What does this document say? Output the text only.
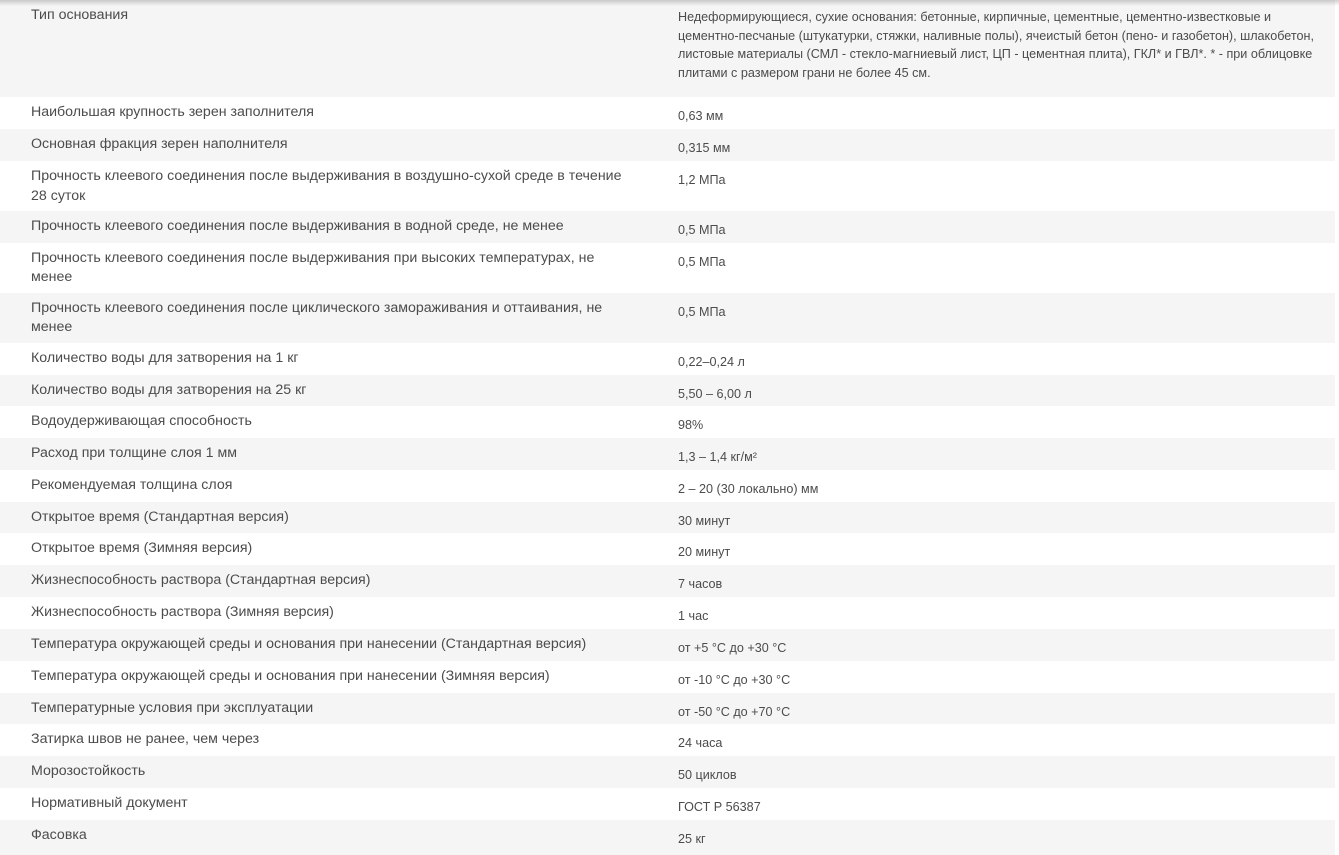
Тип основания	Недеформирующиеся, сухие основания: бетонные, кирпичные, цементные, цементно-известковые и цементно-песчаные (штукатурки, стяжки, наливные полы), ячеистый бетон (пено- и газобетон), шлакобетон, листовые материалы (СМЛ - стекло-магниевый лист, ЦП - цементная плита), ГКЛ* и ГВЛ*. * - при облицовке плитами с размером грани не более 45 см.
Наибольшая крупность зерен заполнителя	0,63 мм
Основная фракция зерен наполнителя	0,315 мм
Прочность клеевого соединения после выдерживания в воздушно-сухой среде в течение 28 суток	1,2 МПа
Прочность клеевого соединения после выдерживания в водной среде, не менее	0,5 МПа
Прочность клеевого соединения после выдерживания при высоких температурах, не менее	0,5 МПа
Прочность клеевого соединения после циклического замораживания и оттаивания, не менее	0,5 МПа
Количество воды для затворения на 1 кг	0,22–0,24 л
Количество воды для затворения на 25 кг	5,50 – 6,00 л
Водоудерживающая способность	98%
Расход при толщине слоя 1 мм	1,3 – 1,4 кг/м²
Рекомендуемая толщина слоя	2 – 20 (30 локально) мм
Открытое время (Стандартная версия)	30 минут
Открытое время (Зимняя версия)	20 минут
Жизнеспособность раствора (Стандартная версия)	7 часов
Жизнеспособность раствора (Зимняя версия)	1 час
Температура окружающей среды и основания при нанесении (Стандартная версия)	от +5 °С до +30 °С
Температура окружающей среды и основания при нанесении (Зимняя версия)	от -10 °С до +30 °С
Температурные условия при эксплуатации	от -50 °С до +70 °С
Затирка швов не ранее, чем через	24 часа
Морозостойкость	50 циклов
Нормативный документ	ГОСТ Р 56387
Фасовка	25 кг
